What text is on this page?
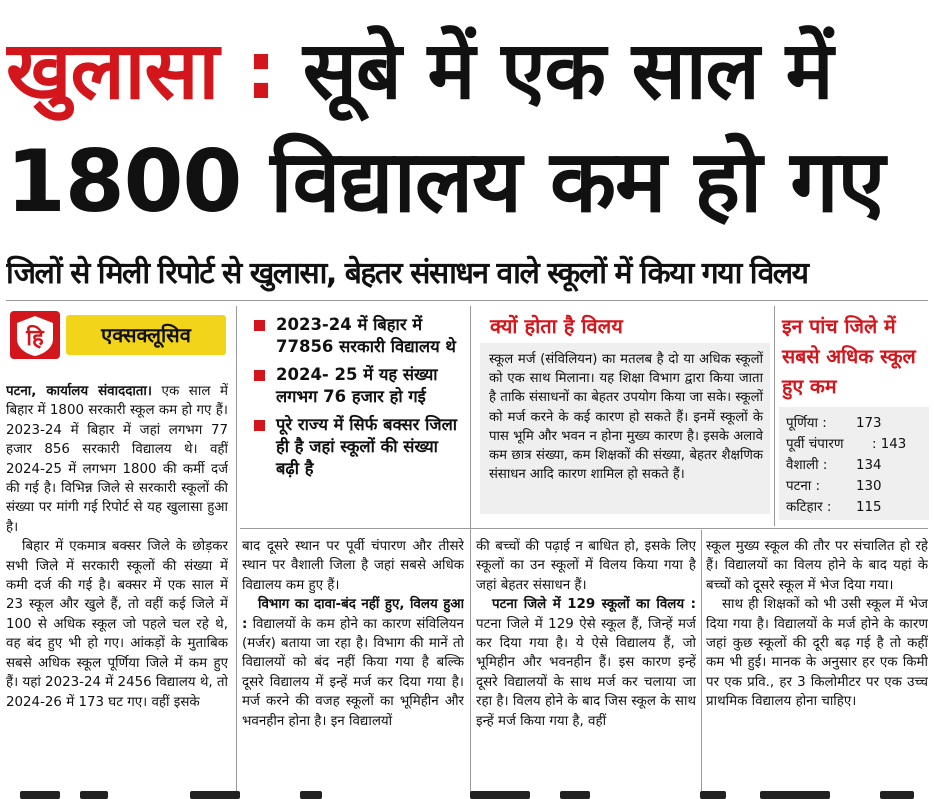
खुलासा : सूबे में एक साल में
1800 विद्यालय कम हो गए
जिलों से मिली रिपोर्ट से खुलासा, बेहतर संसाधन वाले स्कूलों में किया गया विलय
हि	एक्सक्लूसिव

पटना, कार्यालय संवाददाता। एक साल में बिहार में 1800 सरकारी स्कूल कम हो गए हैं। 2023-24 में बिहार में जहां लगभग 77 हजार 856 सरकारी विद्यालय थे। वहीं 2024-25 में लगभग 1800 की कर्मी दर्ज की गई है। विभिन्न जिले से सरकारी स्कूलों की संख्या पर मांगी गई रिपोर्ट से यह खुलासा हुआ है।

बिहार में एकमात्र बक्सर जिले के छोड़कर सभी जिले में सरकारी स्कूलों की संख्या में कमी दर्ज की गई है। बक्सर में एक साल में 23 स्कूल और खुले हैं, तो वहीं कई जिले में 100 से अधिक स्कूल जो पहले चल रहे थे, वह बंद हुए भी हो गए। आंकड़ों के मुताबिक सबसे अधिक स्कूल पूर्णिया जिले में कम हुए हैं। यहां 2023-24 में 2456 विद्यालय थे, तो 2024-26 में 173 घट गए। वहीं इसके

2023-24 में बिहार में 77856 सरकारी विद्यालय थे
2024- 25 में यह संख्या लगभग 76 हजार हो गई
पूरे राज्य में सिर्फ बक्सर जिला ही है जहां स्कूलों की संख्या बढ़ी है
क्यों होता है विलय
स्कूल मर्ज (संविलियन) का मतलब है दो या अधिक स्कूलों को एक साथ मिलाना। यह शिक्षा विभाग द्वारा किया जाता है ताकि संसाधनों का बेहतर उपयोग किया जा सके। स्कूलों को मर्ज करने के कई कारण हो सकते हैं। इनमें स्कूलों के पास भूमि और भवन न होना मुख्य कारण है। इसके अलावे कम छात्र संख्या, कम शिक्षकों की संख्या, बेहतर शैक्षणिक संसाधन आदि कारण शामिल हो सकते हैं।
इन पांच जिले में सबसे अधिक स्कूल हुए कम
पूर्णिया : 173
पूर्वी चंपारण : 143
वैशाली : 134
पटना :	130
कटिहार : 115

बाद दूसरे स्थान पर पूर्वी चंपारण और तीसरे स्थान पर वैशाली जिला है जहां सबसे अधिक विद्यालय कम हुए हैं।

विभाग का दावा-बंद नहीं हुए, विलय हुआ : विद्यालयों के कम होने का कारण संविलियन (मर्जर) बताया जा रहा है। विभाग की मानें तो विद्यालयों को बंद नहीं किया गया है बल्कि दूसरे विद्यालय में इन्हें मर्ज कर दिया गया है। मर्ज करने की वजह स्कूलों का भूमिहीन और भवनहीन होना है। इन विद्यालयों

की बच्चों की पढ़ाई न बाधित हो, इसके लिए स्कूलों का उन स्कूलों में विलय किया गया है जहां बेहतर संसाधन हैं।

पटना जिले में 129 स्कूलों का विलय : पटना जिले में 129 ऐसे स्कूल हैं, जिन्हें मर्ज कर दिया गया है। ये ऐसे विद्यालय हैं, जो भूमिहीन और भवनहीन हैं। इस कारण इन्हें दूसरे विद्यालयों के साथ मर्ज कर चलाया जा रहा है। विलय होने के बाद जिस स्कूल के साथ इन्हें मर्ज किया गया है, वहीं

स्कूल मुख्य स्कूल की तौर पर संचालित हो रहे हैं। विद्यालयों का विलय होने के बाद यहां के बच्चों को दूसरे स्कूल में भेज दिया गया।

साथ ही शिक्षकों को भी उसी स्कूल में भेज दिया गया है। विद्यालयों के मर्ज होने के कारण जहां कुछ स्कूलों की दूरी बढ़ गई है तो कहीं कम भी हुई। मानक के अनुसार हर एक किमी पर एक प्रवि., हर 3 किलोमीटर पर एक उच्च प्राथमिक विद्यालय होना चाहिए।
